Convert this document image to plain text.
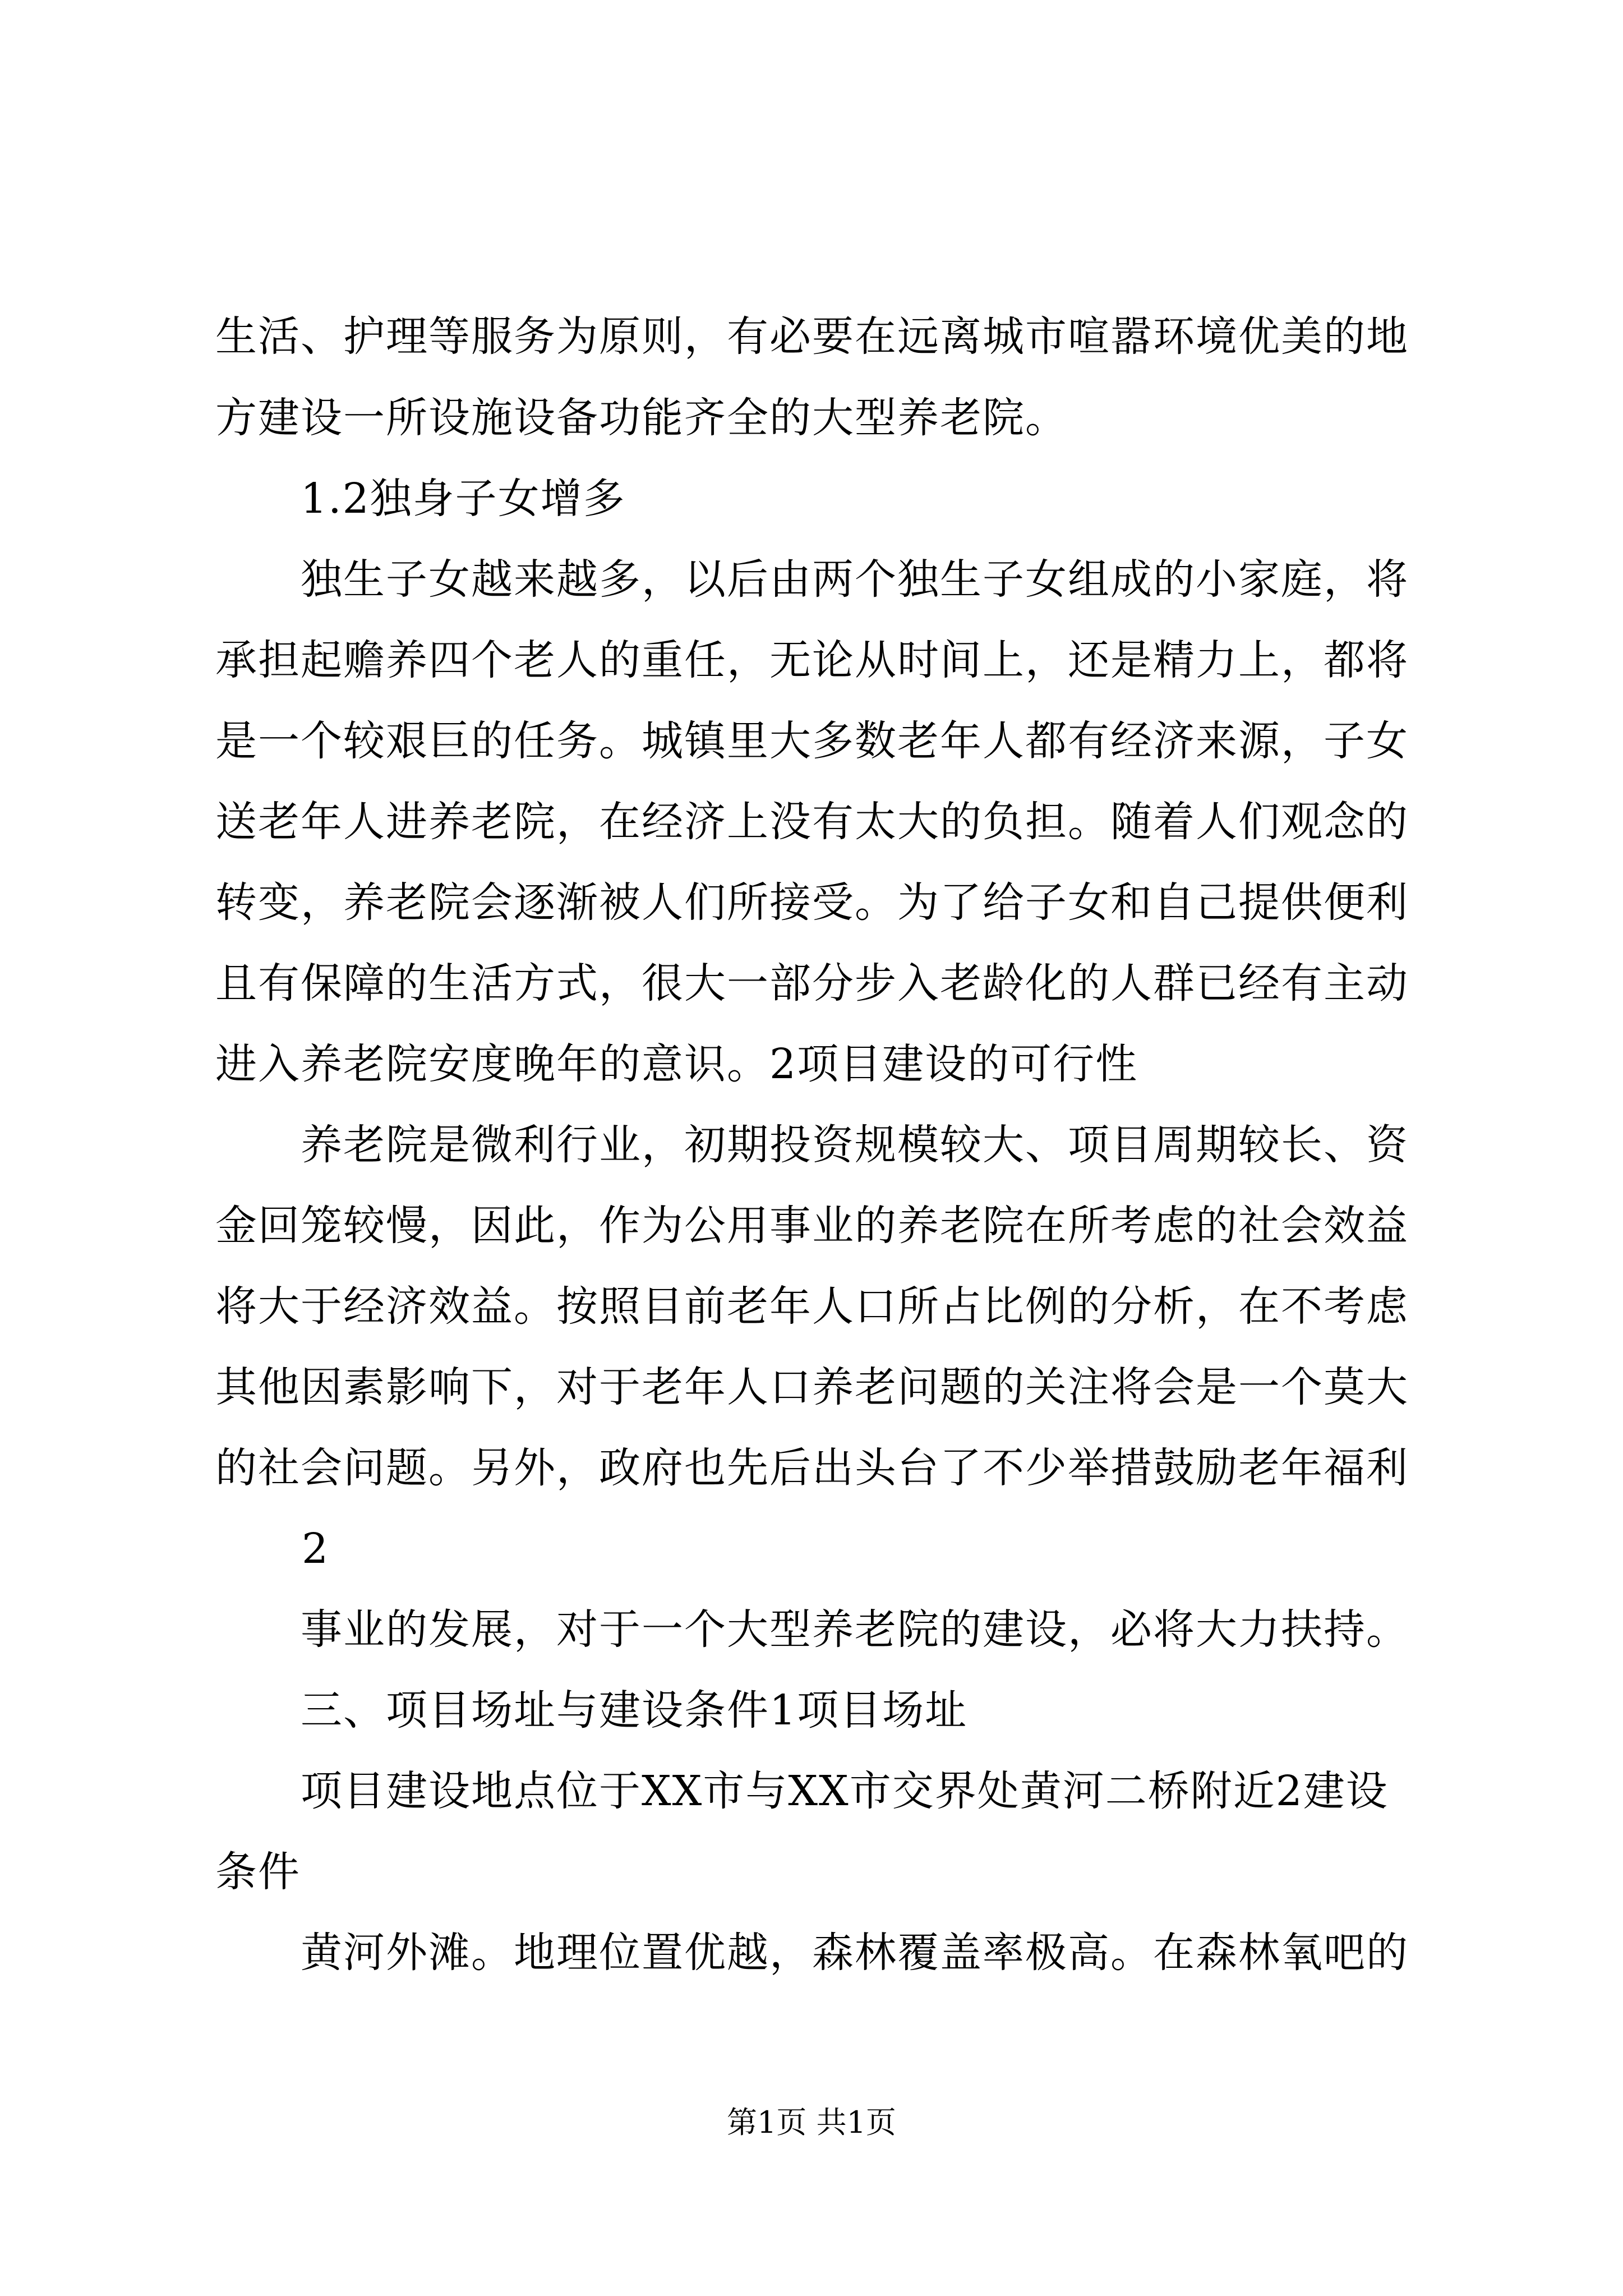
生活、护理等服务为原则，有必要在远离城市喧嚣环境优美的地
方建设一所设施设备功能齐全的大型养老院。
1.2独身子女增多
独生子女越来越多，以后由两个独生子女组成的小家庭，将
承担起赡养四个老人的重任，无论从时间上，还是精力上，都将
是一个较艰巨的任务。城镇里大多数老年人都有经济来源，子女
送老年人进养老院，在经济上没有太大的负担。随着人们观念的
转变，养老院会逐渐被人们所接受。为了给子女和自己提供便利
且有保障的生活方式，很大一部分步入老龄化的人群已经有主动
进入养老院安度晚年的意识。2项目建设的可行性
养老院是微利行业，初期投资规模较大、项目周期较长、资
金回笼较慢，因此，作为公用事业的养老院在所考虑的社会效益
将大于经济效益。按照目前老年人口所占比例的分析，在不考虑
其他因素影响下，对于老年人口养老问题的关注将会是一个莫大
的社会问题。另外，政府也先后出头台了不少举措鼓励老年福利
2
事业的发展，对于一个大型养老院的建设，必将大力扶持。
三、项目场址与建设条件1项目场址
项目建设地点位于XX市与XX市交界处黄河二桥附近2建设
条件
黄河外滩。地理位置优越，森林覆盖率极高。在森林氧吧的
第1页 共1页
